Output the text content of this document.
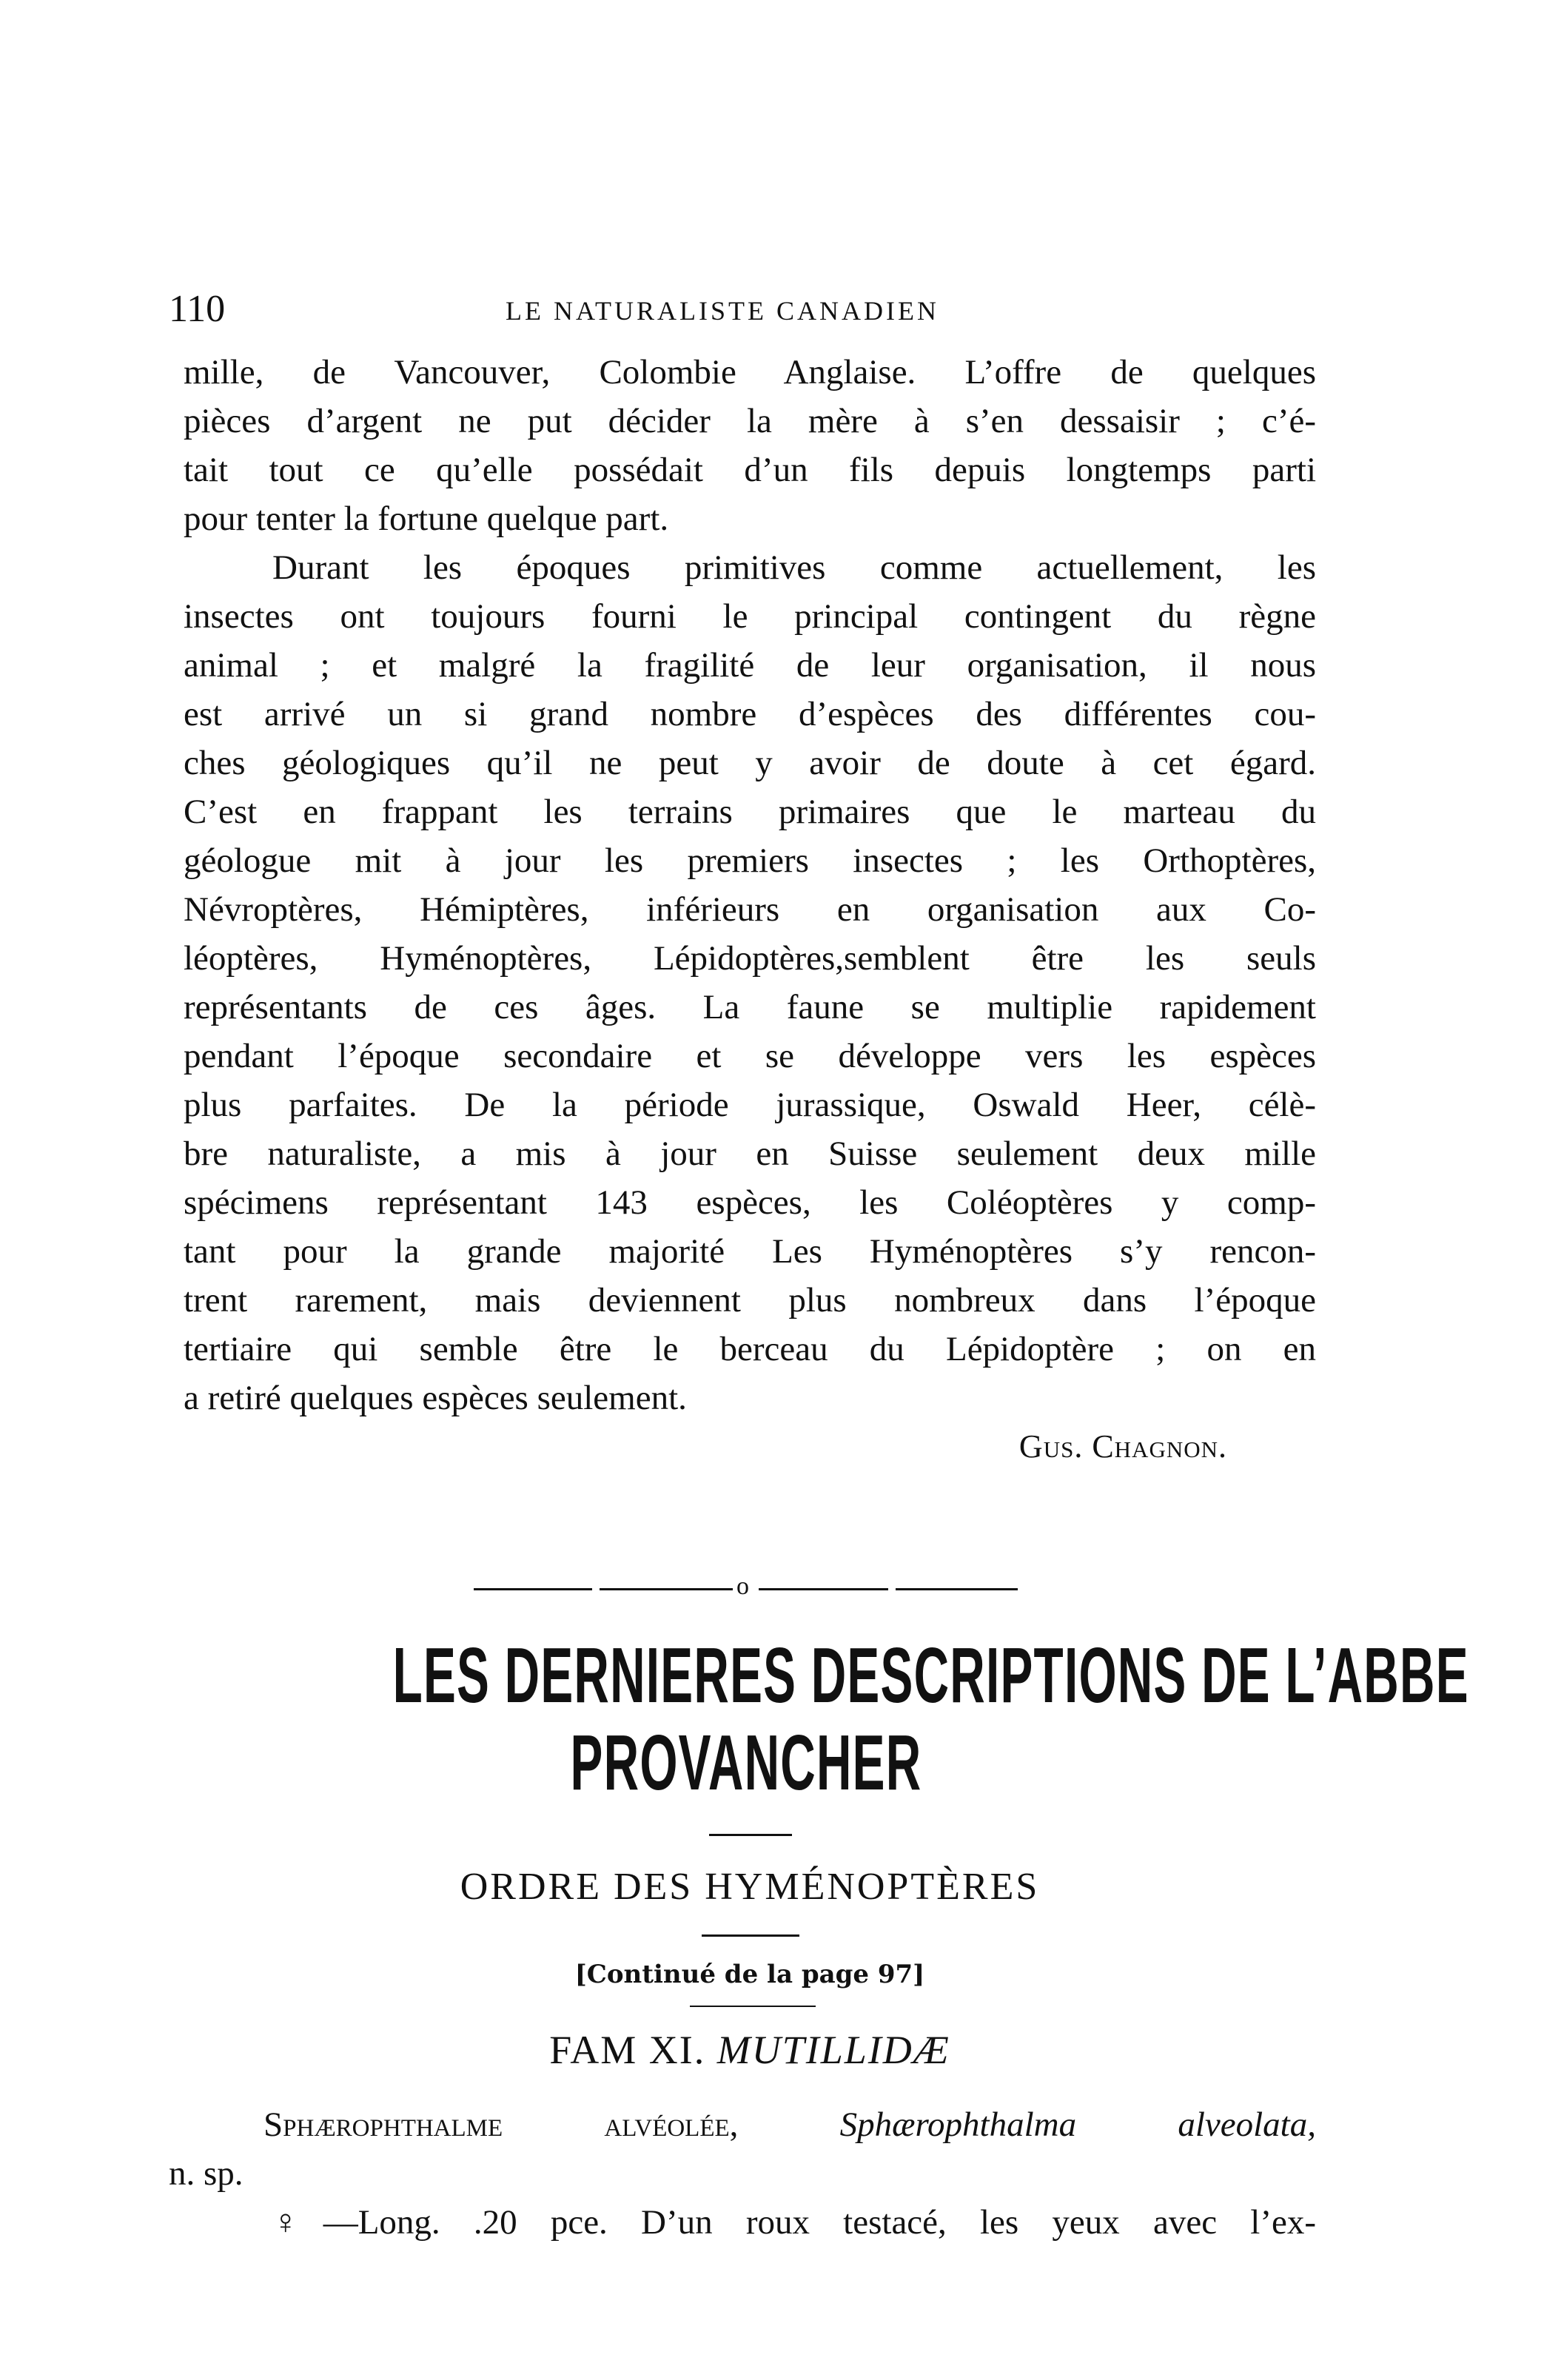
110	LE NATURALISTE CANADIEN
mille, de Vancouver, Colombie Anglaise. L’offre de quelques
pièces d’argent ne put décider la mère à s’en dessaisir ; c’é-
tait tout ce qu’elle possédait d’un fils depuis longtemps parti
pour tenter la fortune quelque part.
Durant les époques primitives comme actuellement, les
insectes ont toujours fourni le principal contingent du règne
animal ; et malgré la fragilité de leur organisation, il nous
est arrivé un si grand nombre d’espèces des différentes cou-
ches géologiques qu’il ne peut y avoir de doute à cet égard.
C’est en frappant les terrains primaires que le marteau du
géologue mit à jour les premiers insectes ; les Orthoptères,
Névroptères, Hémiptères, inférieurs en organisation aux Co-
léoptères, Hyménoptères, Lépidoptères,semblent être les seuls
représentants de ces âges. La faune se multiplie rapidement
pendant l’époque secondaire et se développe vers les espèces
plus parfaites. De la période jurassique, Oswald Heer, célè-
bre naturaliste, a mis à jour en Suisse seulement deux mille
spécimens représentant 143 espèces, les Coléoptères y comp-
tant pour la grande majorité Les Hyménoptères s’y rencon-
trent rarement, mais deviennent plus nombreux dans l’époque
tertiaire qui semble être le berceau du Lépidoptère ; on en
a retiré quelques espèces seulement.
Gus. Chagnon.
o
LES DERNIERES DESCRIPTIONS DE L’ABBE
PROVANCHER
ORDRE DES HYMÉNOPTÈRES
[Continué de la page 97]
FAM XI. MUTILLIDÆ
Sphærophthalme alvéolée,	Sphærophthalma alveolata,
n. sp.
♀—Long. .20 pce. D’un roux testacé, les yeux avec l’ex-
